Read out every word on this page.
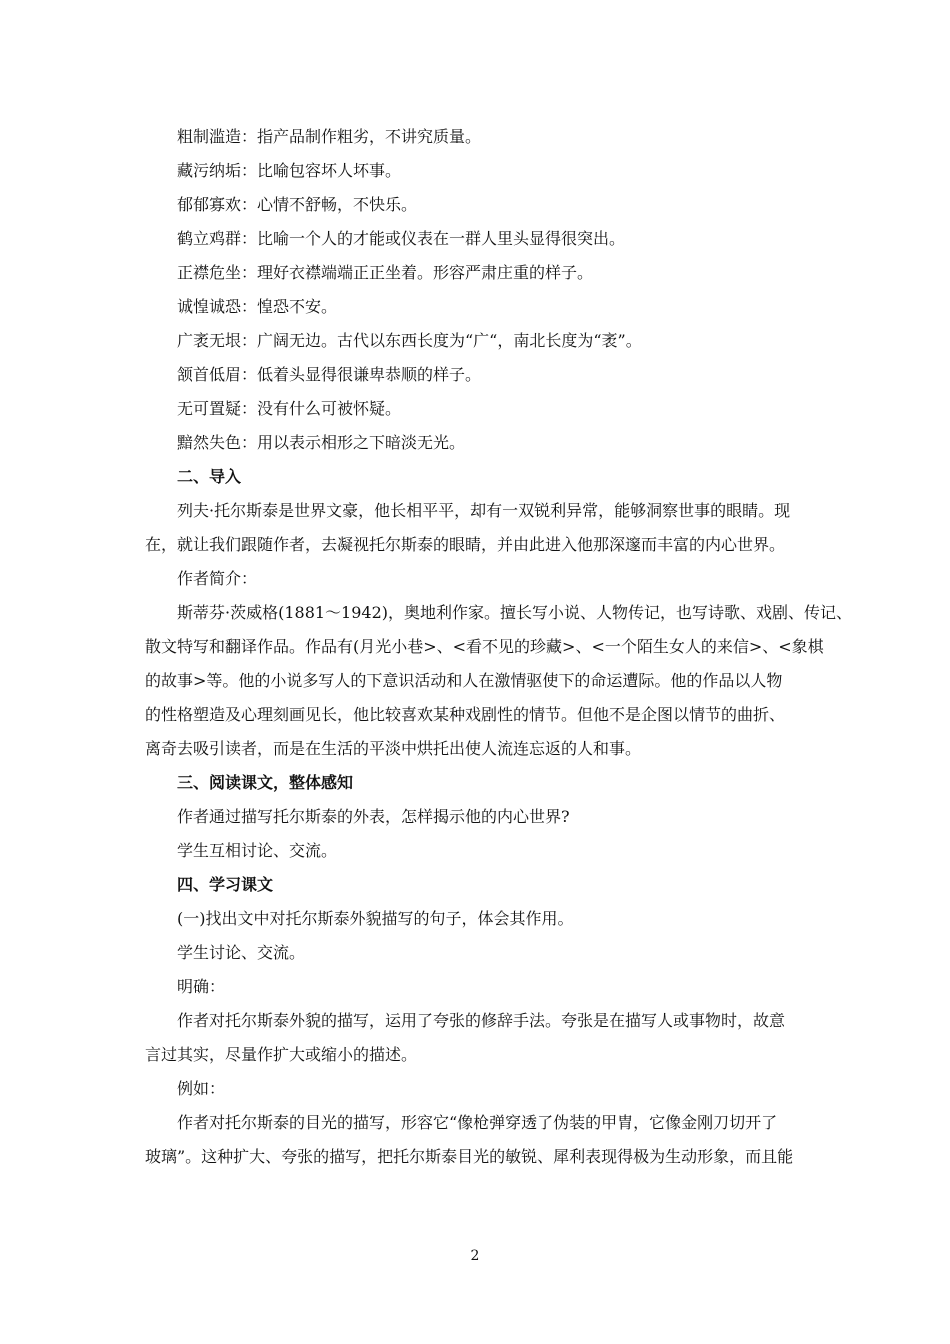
粗制滥造：指产品制作粗劣，不讲究质量。
藏污纳垢：比喻包容坏人坏事。
郁郁寡欢：心情不舒畅，不快乐。
鹤立鸡群：比喻一个人的才能或仪表在一群人里头显得很突出。
正襟危坐：理好衣襟端端正正坐着。形容严肃庄重的样子。
诚惶诚恐：惶恐不安。
广袤无垠：广阔无边。古代以东西长度为“广“，南北长度为“袤”。
颔首低眉：低着头显得很谦卑恭顺的样子。
无可置疑：没有什么可被怀疑。
黯然失色：用以表示相形之下暗淡无光。
二、导入
列夫·托尔斯泰是世界文豪，他长相平平，却有一双锐利异常，能够洞察世事的眼睛。现
在，就让我们跟随作者，去凝视托尔斯泰的眼睛，并由此进入他那深邃而丰富的内心世界。
作者简介：
斯蒂芬·茨威格(1881～1942)，奥地利作家。擅长写小说、人物传记，也写诗歌、戏剧、传记、
散文特写和翻译作品。作品有(月光小巷>、<看不见的珍藏>、<一个陌生女人的来信>、<象棋
的故事>等。他的小说多写人的下意识活动和人在激情驱使下的命运遭际。他的作品以人物
的性格塑造及心理刻画见长，他比较喜欢某种戏剧性的情节。但他不是企图以情节的曲折、
离奇去吸引读者，而是在生活的平淡中烘托出使人流连忘返的人和事。
三、阅读课文，整体感知
作者通过描写托尔斯泰的外表，怎样揭示他的内心世界?
学生互相讨论、交流。
四、学习课文
(一)找出文中对托尔斯泰外貌描写的句子，体会其作用。
学生讨论、交流。
明确：
作者对托尔斯泰外貌的描写，运用了夸张的修辞手法。夸张是在描写人或事物时，故意
言过其实，尽量作扩大或缩小的描述。
例如：
作者对托尔斯泰的目光的描写，形容它“像枪弹穿透了伪装的甲胄，它像金刚刀切开了
玻璃”。这种扩大、夸张的描写，把托尔斯泰目光的敏锐、犀利表现得极为生动形象，而且能
2
